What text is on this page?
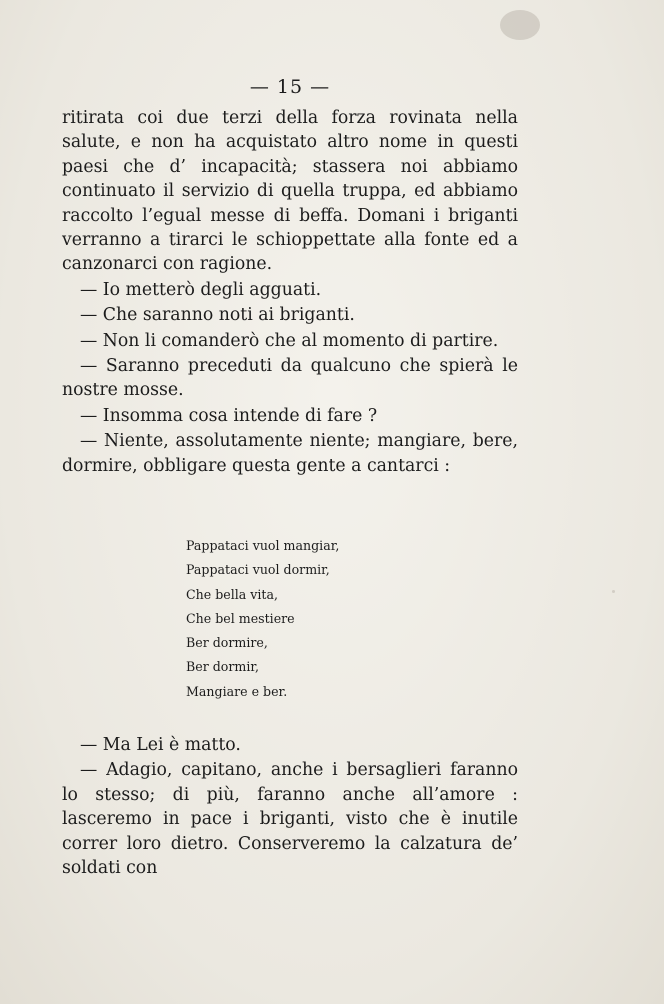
— 15 —

ritirata coi due terzi della forza rovinata nella salute, e non ha acquistato altro nome in questi paesi che d’ incapacità; stassera noi abbiamo continuato il servizio di quella truppa, ed abbiamo raccolto l’egual messe di beffa. Domani i briganti verranno a tirarci le schioppettate alla fonte ed a canzonarci con ragione.

— Io metterò degli agguati.

— Che saranno noti ai briganti.

— Non li comanderò che al momento di partire.

— Saranno preceduti da qualcuno che spierà le nostre mosse.

— Insomma cosa intende di fare ?

— Niente, assolutamente niente; mangiare, bere, dormire, obbligare questa gente a cantarci :

Pappataci vuol mangiar,
Pappataci vuol dormir,
Che bella vita,
Che bel mestiere
Ber dormire,
Ber dormir,
Mangiare e ber.

— Ma Lei è matto.

— Adagio, capitano, anche i bersaglieri faranno lo stesso; di più, faranno anche all’amore : lasceremo in pace i briganti, visto che è inutile correr loro dietro. Conserveremo la calzatura de’ soldati con
